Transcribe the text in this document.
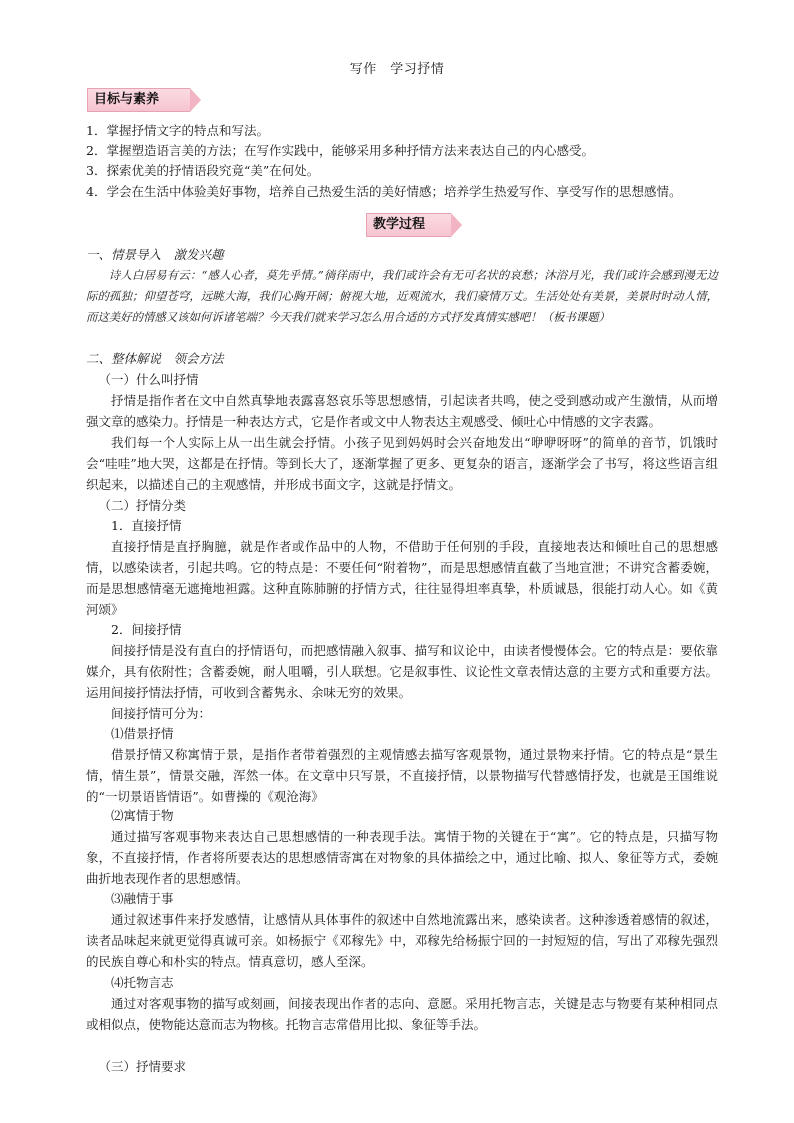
写作　学习抒情
目标与素养
1．掌握抒情文字的特点和写法。
2．掌握塑造语言美的方法；在写作实践中，能够采用多种抒情方法来表达自己的内心感受。
3．探索优美的抒情语段究竟“美”在何处。
4．学会在生活中体验美好事物，培养自己热爱生活的美好情感；培养学生热爱写作、享受写作的思想感情。
教学过程
一、情景导入　激发兴趣

诗人白居易有云：“感人心者，莫先乎情。”徜徉雨中，我们或许会有无可名状的哀愁；沐浴月光，我们或许会感到漫无边际的孤独；仰望苍穹，远眺大海，我们心胸开阔；俯视大地，近观流水，我们豪情万丈。生活处处有美景，美景时时动人情，而这美好的情感又该如何诉诸笔端？今天我们就来学习怎么用合适的方式抒发真情实感吧！（板书课题）

二、整体解说　领会方法
（一）什么叫抒情

抒情是指作者在文中自然真挚地表露喜怒哀乐等思想感情，引起读者共鸣，使之受到感动或产生激情，从而增强文章的感染力。抒情是一种表达方式，它是作者或文中人物表达主观感受、倾吐心中情感的文字表露。

我们每一个人实际上从一出生就会抒情。小孩子见到妈妈时会兴奋地发出“咿咿呀呀”的简单的音节，饥饿时会“哇哇”地大哭，这都是在抒情。等到长大了，逐渐掌握了更多、更复杂的语言，逐渐学会了书写，将这些语言组织起来，以描述自己的主观感情，并形成书面文字，这就是抒情文。

（二）抒情分类
1．直接抒情

直接抒情是直抒胸臆，就是作者或作品中的人物，不借助于任何别的手段，直接地表达和倾吐自己的思想感情，以感染读者，引起共鸣。它的特点是：不要任何“附着物”，而是思想感情直截了当地宣泄；不讲究含蓄委婉，而是思想感情毫无遮掩地袒露。这种直陈肺腑的抒情方式，往往显得坦率真挚，朴质诚恳，很能打动人心。如《黄河颂》

2．间接抒情

间接抒情是没有直白的抒情语句，而把感情融入叙事、描写和议论中，由读者慢慢体会。它的特点是：要依靠媒介，具有依附性；含蓄委婉，耐人咀嚼，引人联想。它是叙事性、议论性文章表情达意的主要方式和重要方法。运用间接抒情法抒情，可收到含蓄隽永、余味无穷的效果。

间接抒情可分为：
⑴借景抒情

借景抒情又称寓情于景，是指作者带着强烈的主观情感去描写客观景物，通过景物来抒情。它的特点是“景生情，情生景”，情景交融，浑然一体。在文章中只写景，不直接抒情，以景物描写代替感情抒发，也就是王国维说的“一切景语皆情语”。如曹操的《观沧海》

⑵寓情于物

通过描写客观事物来表达自己思想感情的一种表现手法。寓情于物的关键在于“寓”。它的特点是，只描写物象，不直接抒情，作者将所要表达的思想感情寄寓在对物象的具体描绘之中，通过比喻、拟人、象征等方式，委婉曲折地表现作者的思想感情。

⑶融情于事

通过叙述事件来抒发感情，让感情从具体事件的叙述中自然地流露出来，感染读者。这种渗透着感情的叙述，读者品味起来就更觉得真诚可亲。如杨振宁《邓稼先》中，邓稼先给杨振宁回的一封短短的信，写出了邓稼先强烈的民族自尊心和朴实的特点。情真意切，感人至深。

⑷托物言志

通过对客观事物的描写或刻画，间接表现出作者的志向、意愿。采用托物言志，关键是志与物要有某种相同点或相似点，使物能达意而志为物核。托物言志常借用比拟、象征等手法。

（三）抒情要求
